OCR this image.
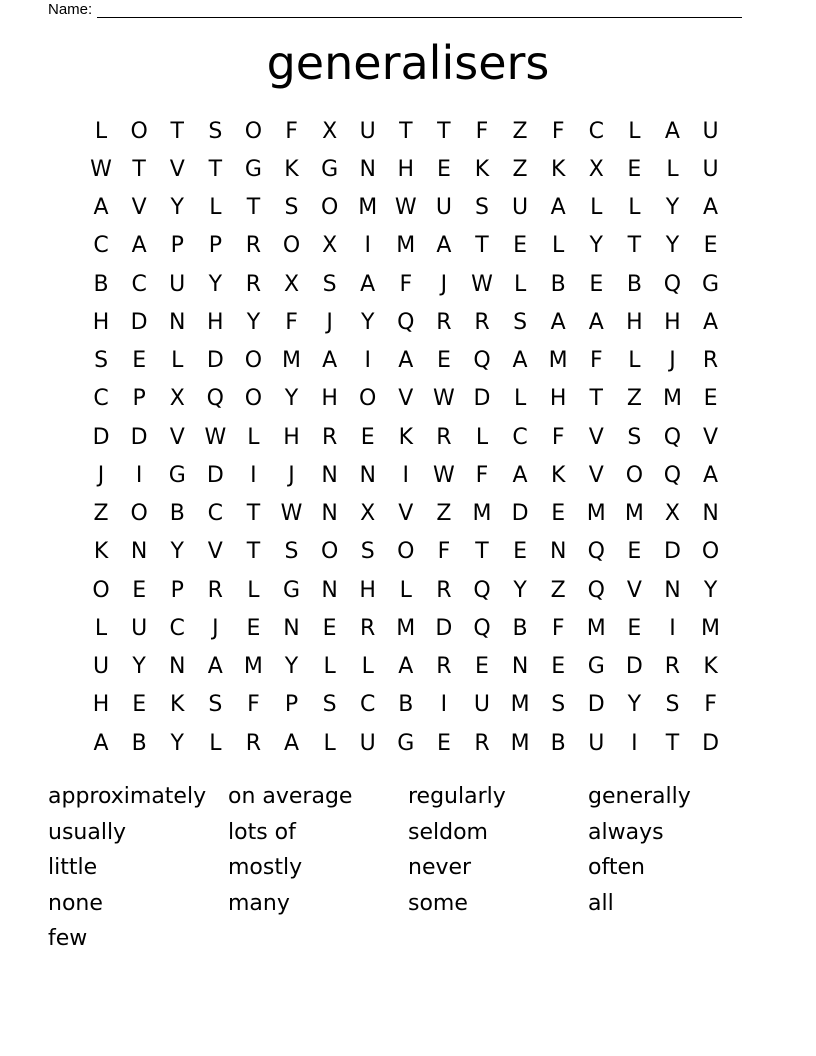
Name:
generalisers
L	O	T	S	O	F	X	U	T	T	F	Z	F	C	L	A	U
W T	V	T	G	K	G N H	E	K	Z	K	X	E	L	U
A	V	Y	L	T	S	O M W U	S	U	A	L	L	Y	A
C	A	P	P	R O X	I	M A	T	E	L	Y	T	Y	E
B	C	U	Y	R	X	S	A	F	J	W L	B	E	B Q G
H D N H	Y	F	J	Y	Q R	R	S	A	A	H H	A
S	E	L	D O M A	I	A	E	Q A M	F	L	J	R
C	P	X Q O	Y	H O V W D	L	H	T	Z M E
D D	V W L	H	R	E	K	R	L	C	F	V	S	Q V
J	I	G D	I	J	N N	I	W F	A	K	V O Q A
Z O B	C	T W N	X	V	Z M D	E M M X	N
K	N	Y	V	T	S	O	S	O	F	T	E	N Q	E	D O
O	E	P	R	L	G N H	L	R Q	Y	Z Q V	N	Y
L	U	C	J	E	N	E	R M D Q B	F	M E	I	M
U	Y	N	A M Y	L	L	A	R	E	N	E	G D R	K
H	E	K	S	F	P	S	C	B	I	U M S	D	Y	S	F
A	B	Y	L	R	A	L	U G	E	R M B	U	I	T	D
approximately on average	regularly	generally
usually	lots of	seldom	always
little	mostly	never	often
none	many	some	all
few
